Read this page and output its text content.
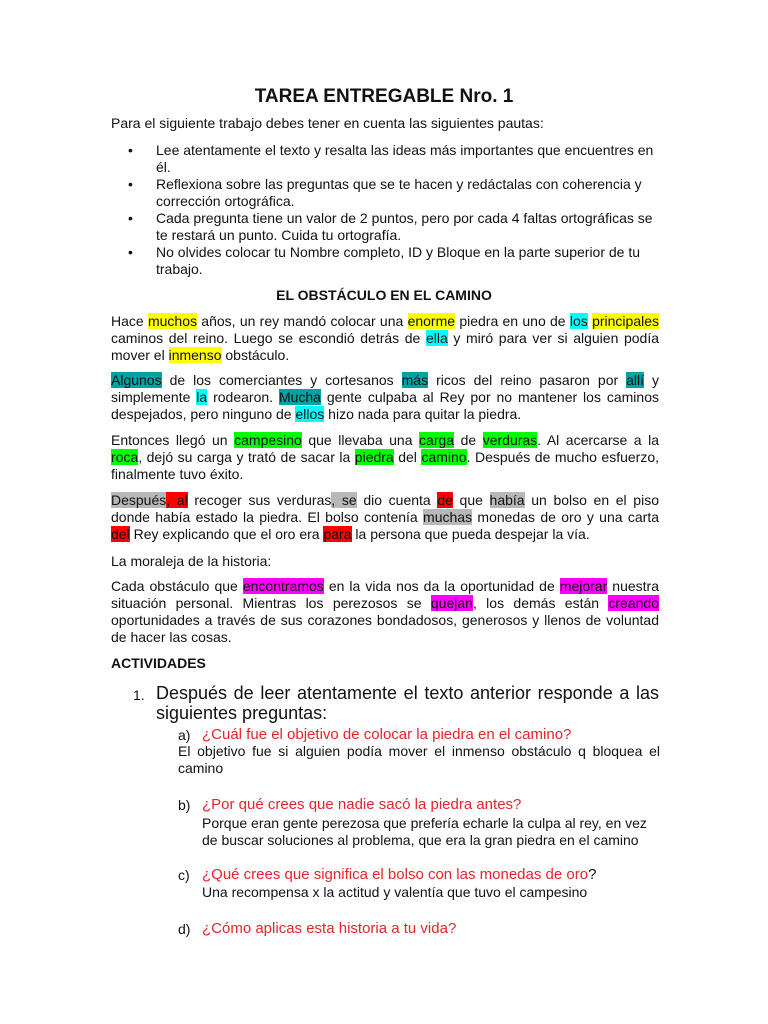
TAREA ENTREGABLE Nro. 1

Para el siguiente trabajo debes tener en cuenta las siguientes pautas:

• Lee atentamente el texto y resalta las ideas más importantes que encuentres en él.
• Reflexiona sobre las preguntas que se te hacen y redáctalas con coherencia y corrección ortográfica.
• Cada pregunta tiene un valor de 2 puntos, pero por cada 4 faltas ortográficas se te restará un punto. Cuida tu ortografía.
• No olvides colocar tu Nombre completo, ID y Bloque en la parte superior de tu trabajo.
EL OBSTÁCULO EN EL CAMINO

Hace muchos años, un rey mandó colocar una enorme piedra en uno de los principales caminos del reino. Luego se escondió detrás de ella y miró para ver si alguien podía mover el inmenso obstáculo.

Algunos de los comerciantes y cortesanos más ricos del reino pasaron por allí y simplemente la rodearon. Mucha gente culpaba al Rey por no mantener los caminos despejados, pero ninguno de ellos hizo nada para quitar la piedra.

Entonces llegó un campesino que llevaba una carga de verduras. Al acercarse a la roca, dejó su carga y trató de sacar la piedra del camino. Después de mucho esfuerzo, finalmente tuvo éxito.

Después, al recoger sus verduras, se dio cuenta de que había un bolso en el piso donde había estado la piedra. El bolso contenía muchas monedas de oro y una carta del Rey explicando que el oro era para la persona que pueda despejar la vía.

La moraleja de la historia:

Cada obstáculo que encontramos en la vida nos da la oportunidad de mejorar nuestra situación personal. Mientras los perezosos se quejan, los demás están creando oportunidades a través de sus corazones bondadosos, generosos y llenos de voluntad de hacer las cosas.

ACTIVIDADES
1. Después de leer atentamente el texto anterior responde a las siguientes preguntas:
a) ¿Cuál fue el objetivo de colocar la piedra en el camino?
El objetivo fue si alguien podía mover el inmenso obstáculo q bloquea el camino
b) ¿Por qué crees que nadie sacó la piedra antes?
Porque eran gente perezosa que prefería echarle la culpa al rey, en vez de buscar soluciones al problema, que era la gran piedra en el camino
c) ¿Qué crees que significa el bolso con las monedas de oro?
Una recompensa x la actitud y valentía que tuvo el campesino
d) ¿Cómo aplicas esta historia a tu vida?
